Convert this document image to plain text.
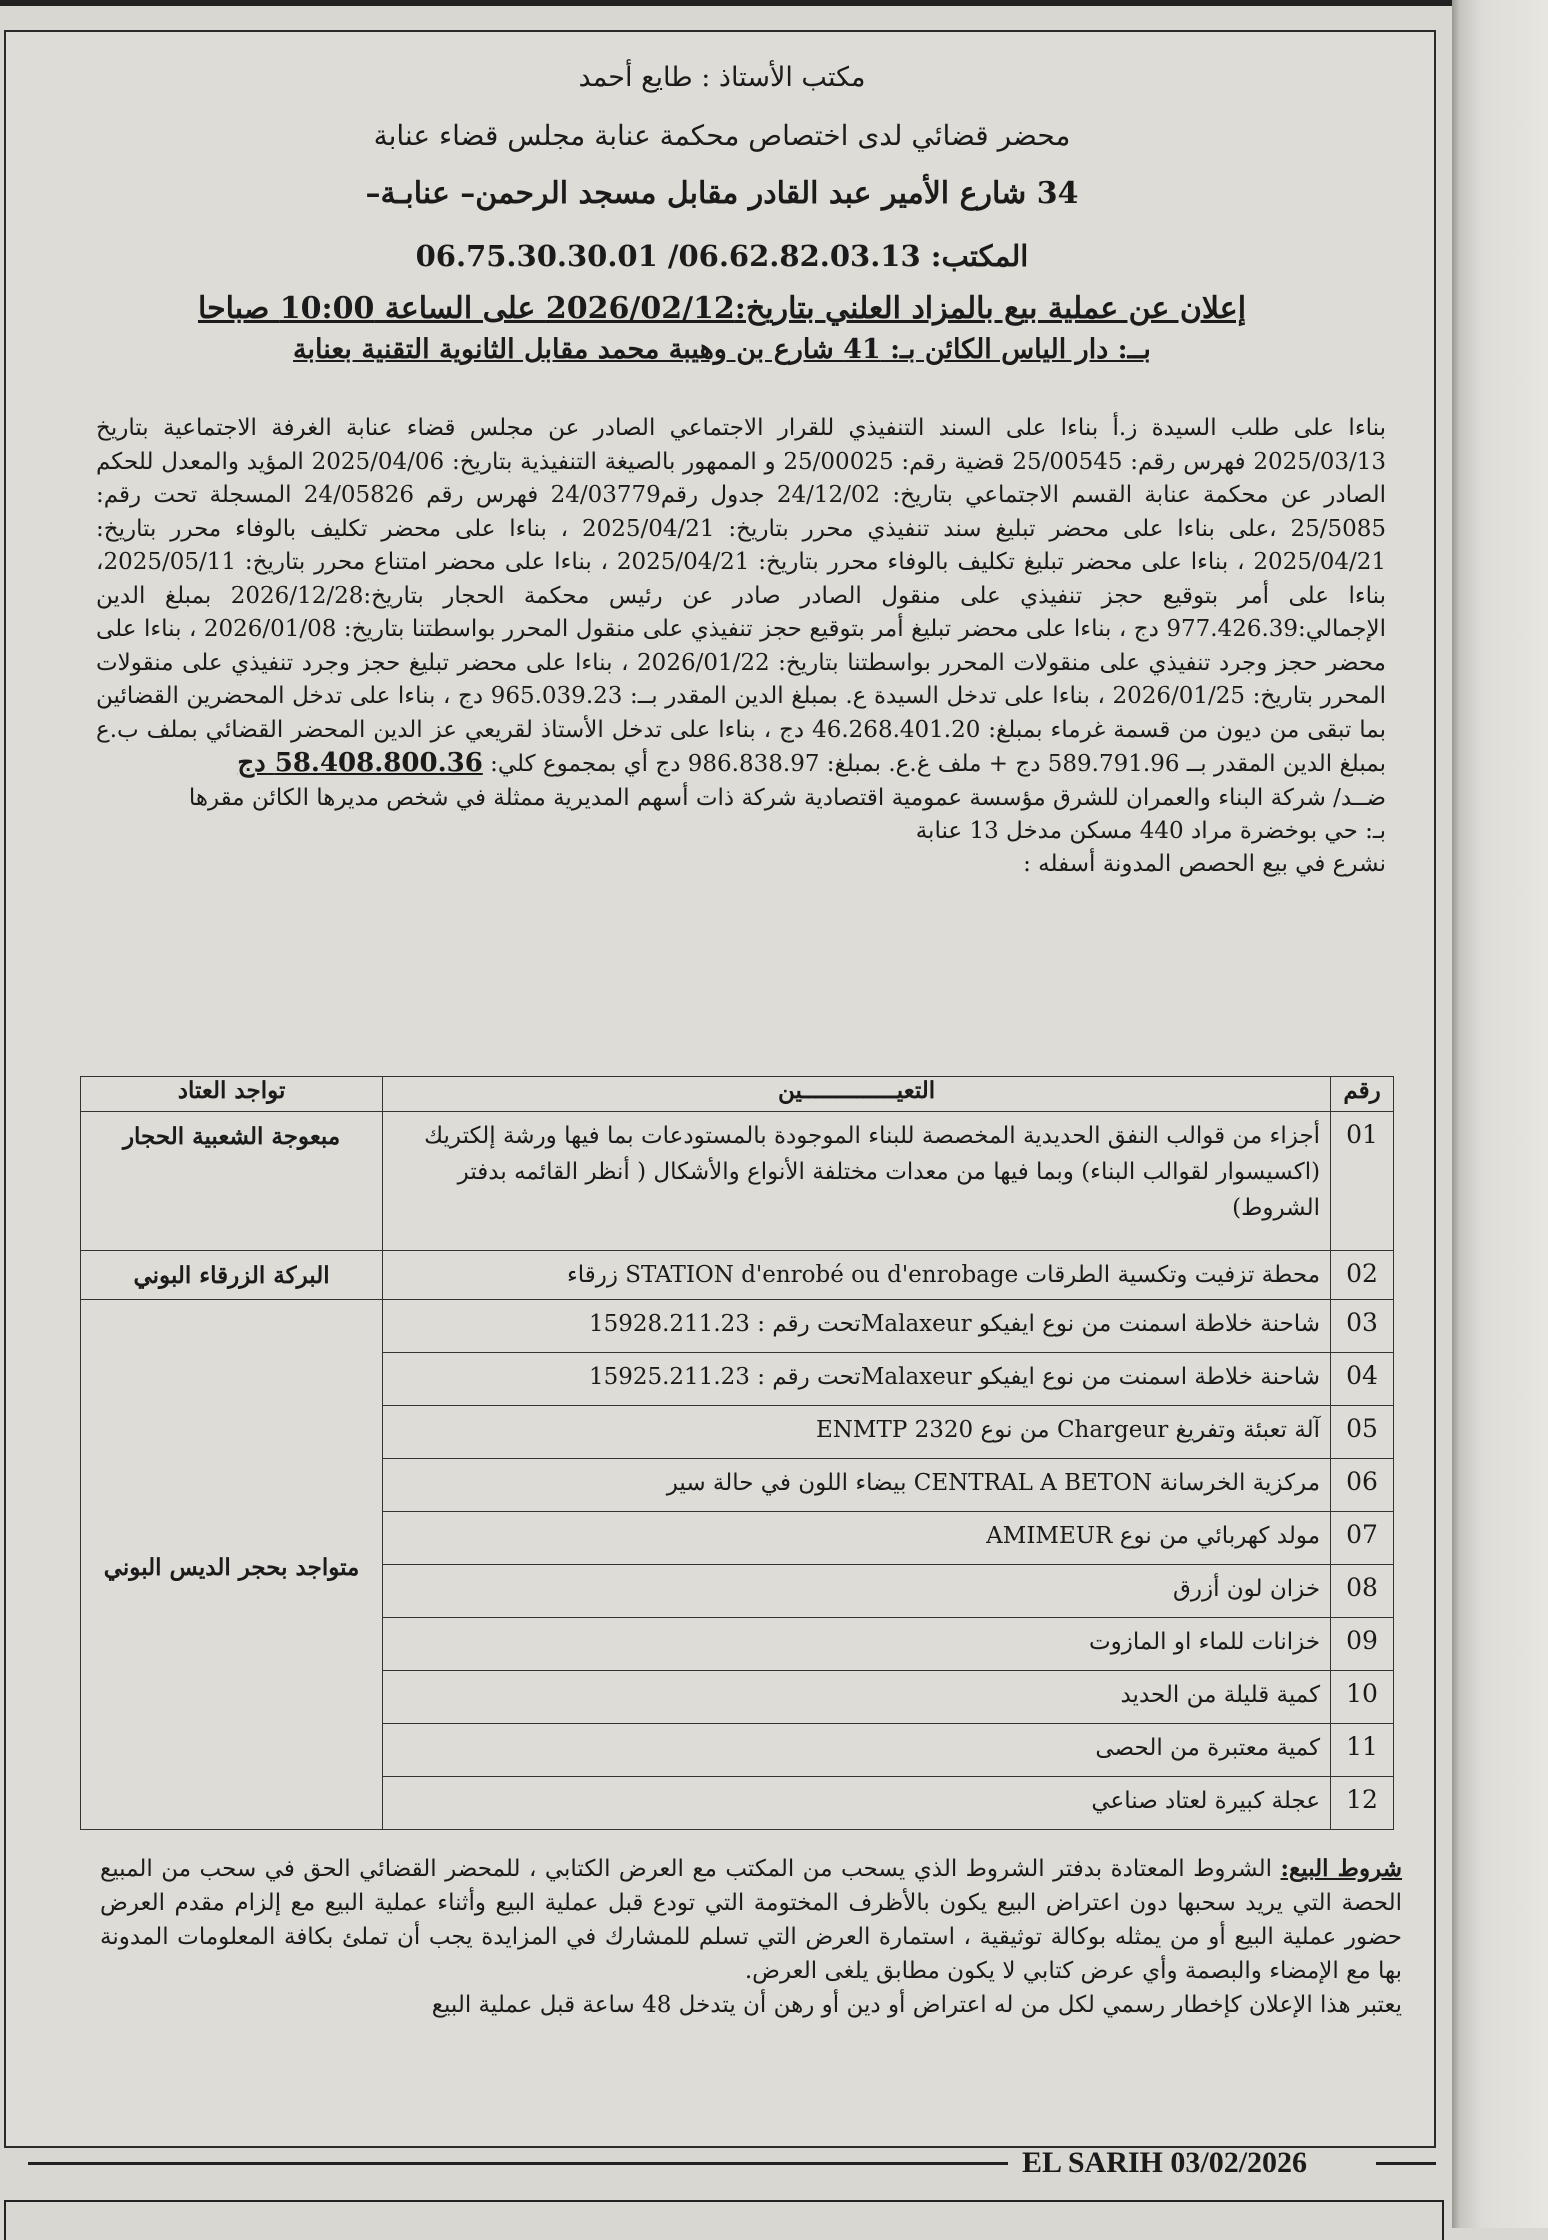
مكتب الأستاذ : طايع أحمد

محضر قضائي لدى اختصاص محكمة عنابة مجلس قضاء عنابة

34 شارع الأمير عبد القادر مقابل مسجد الرحمن– عنابـة–

06.75.30.30.01 /المكتب: 06.62.82.03.13

إعلان عن عملية بيع بالمزاد العلني بتاريخ:2026/02/12 على الساعة 10:00 صباحا

بــ: دار الياس الكائن بـ: 41 شارع بن وهيبة محمد مقابل الثانوية التقنية بعنابة

بناءا على طلب السيدة ز.أ بناءا على السند التنفيذي للقرار الاجتماعي الصادر عن مجلس قضاء عنابة الغرفة الاجتماعية بتاريخ 2025/03/13 فهرس رقم: 25/00545 قضية رقم: 25/00025 و الممهور بالصيغة التنفيذية بتاريخ: 2025/04/06 المؤيد والمعدل للحكم الصادر عن محكمة عنابة القسم الاجتماعي بتاريخ: 24/12/02 جدول رقم24/03779 فهرس رقم 24/05826 المسجلة تحت رقم: 25/5085 ،على بناءا على محضر تبليغ سند تنفيذي محرر بتاريخ: 2025/04/21 ، بناءا على محضر تكليف بالوفاء محرر بتاريخ: 2025/04/21 ، بناءا على محضر تبليغ تكليف بالوفاء محرر بتاريخ: 2025/04/21 ، بناءا على محضر امتناع محرر بتاريخ: 2025/05/11، بناءا على أمر بتوقيع حجز تنفيذي على منقول الصادر صادر عن رئيس محكمة الحجار بتاريخ:2026/12/28 بمبلغ الدين الإجمالي:977.426.39 دج ، بناءا على محضر تبليغ أمر بتوقيع حجز تنفيذي على منقول المحرر بواسطتنا بتاريخ: 2026/01/08 ، بناءا على محضر حجز وجرد تنفيذي على منقولات المحرر بواسطتنا بتاريخ: 2026/01/22 ، بناءا على محضر تبليغ حجز وجرد تنفيذي على منقولات المحرر بتاريخ: 2026/01/25 ، بناءا على تدخل السيدة ع. بمبلغ الدين المقدر بــ: 965.039.23 دج ، بناءا على تدخل المحضرين القضائين بما تبقى من ديون من قسمة غرماء بمبلغ: 46.268.401.20 دج ، بناءا على تدخل الأستاذ لقريعي عز الدين المحضر القضائي بملف ب.ع بمبلغ الدين المقدر بــ 589.791.96 دج + ملف غ.ع. بمبلغ: 986.838.97 دج أي بمجموع كلي: 58.408.800.36 دج

ضــد/ شركة البناء والعمران للشرق مؤسسة عمومية اقتصادية شركة ذات أسهم المديرية ممثلة في شخص مديرها الكائن مقرها

بـ: حي بوخضرة مراد 440 مسكن مدخل 13 عنابة

نشرع في بيع الحصص المدونة أسفله :

رقم	التعيــــــــــــــين	تواجد العتاد
01	أجزاء من قوالب النفق الحديدية المخصصة للبناء الموجودة بالمستودعات بما فيها ورشة إلكتريك (اكسيسوار لقوالب البناء) وبما فيها من معدات مختلفة الأنواع والأشكال ( أنظر القائمه بدفتر الشروط)	مبعوجة الشعبية الحجار
02	محطة تزفيت وتكسية الطرقات STATION d'enrobé ou d'enrobage زرقاء	البركة الزرقاء البوني
03	شاحنة خلاطة اسمنت من نوع ايفيكو Malaxeurتحت رقم : 15928.211.23	متواجد بحجر الديس البوني
04	شاحنة خلاطة اسمنت من نوع ايفيكو Malaxeurتحت رقم : 15925.211.23	
05	آلة تعبئة وتفريغ Chargeur من نوع ENMTP 2320	
06	مركزية الخرسانة CENTRAL A BETON بيضاء اللون في حالة سير	
07	مولد كهربائي من نوع AMIMEUR	
08	خزان لون أزرق	
09	خزانات للماء او المازوت	
10	كمية قليلة من الحديد	
11	كمية معتبرة من الحصى	
12	عجلة كبيرة لعتاد صناعي	

شروط البيع: الشروط المعتادة بدفتر الشروط الذي يسحب من المكتب مع العرض الكتابي ، للمحضر القضائي الحق في سحب من المبيع الحصة التي يريد سحبها دون اعتراض البيع يكون بالأظرف المختومة التي تودع قبل عملية البيع وأثناء عملية البيع مع إلزام مقدم العرض حضور عملية البيع أو من يمثله بوكالة توثيقية ، استمارة العرض التي تسلم للمشارك في المزايدة يجب أن تملئ بكافة المعلومات المدونة بها مع الإمضاء والبصمة وأي عرض كتابي لا يكون مطابق يلغى العرض.

يعتبر هذا الإعلان كإخطار رسمي لكل من له اعتراض أو دين أو رهن أن يتدخل 48 ساعة قبل عملية البيع

EL SARIH 03/02/2026
